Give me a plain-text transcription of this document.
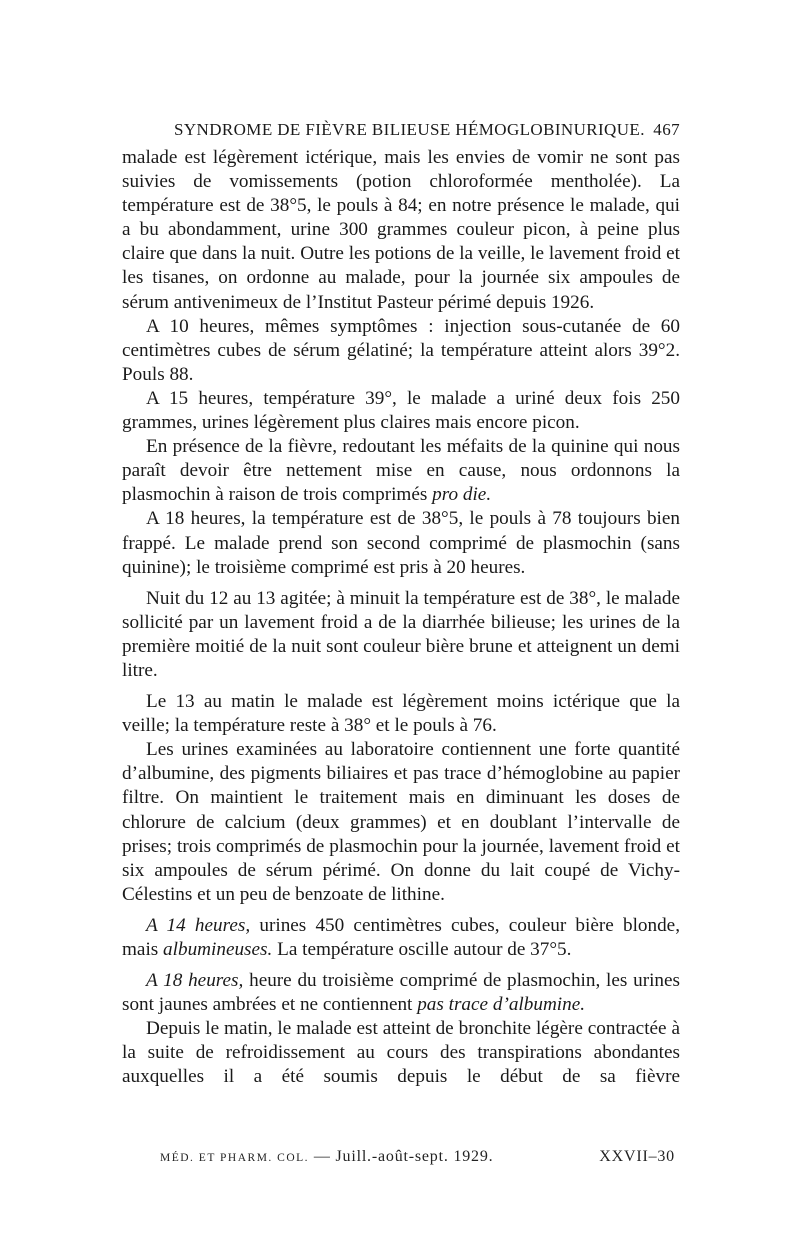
SYNDROME DE FIÈVRE BILIEUSE HÉMOGLOBINURIQUE. 467

malade est légèrement ictérique, mais les envies de vomir ne sont pas suivies de vomissements (potion chloroformée mentholée). La température est de 38°5, le pouls à 84; en notre présence le malade, qui a bu abondamment, urine 300 grammes couleur picon, à peine plus claire que dans la nuit. Outre les potions de la veille, le lavement froid et les tisanes, on ordonne au malade, pour la journée six ampoules de sérum antivenimeux de l’Institut Pasteur périmé depuis 1926.

A 10 heures, mêmes symptômes : injection sous-cutanée de 60 centimètres cubes de sérum gélatiné; la température atteint alors 39°2. Pouls 88.

A 15 heures, température 39°, le malade a uriné deux fois 250 grammes, urines légèrement plus claires mais encore picon.

En présence de la fièvre, redoutant les méfaits de la quinine qui nous paraît devoir être nettement mise en cause, nous ordonnons la plasmochin à raison de trois comprimés pro die.

A 18 heures, la température est de 38°5, le pouls à 78 toujours bien frappé. Le malade prend son second comprimé de plasmochin (sans quinine); le troisième comprimé est pris à 20 heures.

Nuit du 12 au 13 agitée; à minuit la température est de 38°, le malade sollicité par un lavement froid a de la diarrhée bilieuse; les urines de la première moitié de la nuit sont couleur bière brune et atteignent un demi litre.

Le 13 au matin le malade est légèrement moins ictérique que la veille; la température reste à 38° et le pouls à 76.

Les urines examinées au laboratoire contiennent une forte quantité d’albumine, des pigments biliaires et pas trace d’hémoglobine au papier filtre. On maintient le traitement mais en diminuant les doses de chlorure de calcium (deux grammes) et en doublant l’intervalle de prises; trois comprimés de plasmochin pour la journée, lavement froid et six ampoules de sérum périmé. On donne du lait coupé de Vichy-Célestins et un peu de benzoate de lithine.

A 14 heures, urines 450 centimètres cubes, couleur bière blonde, mais albumineuses. La température oscille autour de 37°5.

A 18 heures, heure du troisième comprimé de plasmochin, les urines sont jaunes ambrées et ne contiennent pas trace d’albumine.

Depuis le matin, le malade est atteint de bronchite légère contractée à la suite de refroidissement au cours des transpirations abondantes auxquelles il a été soumis depuis le début de sa fièvre

MÉD. ET PHARM. COL. — Juill.-août-sept. 1929.	XXVII–30
